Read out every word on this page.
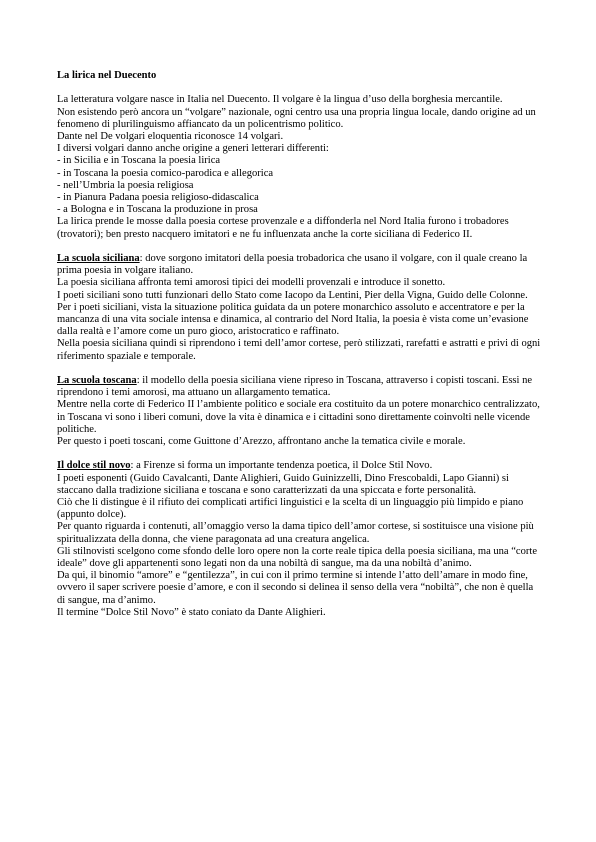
La lirica nel Duecento

La letteratura volgare nasce in Italia nel Duecento. Il volgare è la lingua d’uso della borghesia mercantile.

Non esistendo però ancora un “volgare” nazionale, ogni centro usa una propria lingua locale, dando origine ad un fenomeno di plurilinguismo affiancato da un policentrismo politico.

Dante nel De volgari eloquentia riconosce 14 volgari.

I diversi volgari danno anche origine a generi letterari differenti:

- in Sicilia e in Toscana la poesia lirica

- in Toscana la poesia comico-parodica e allegorica

- nell’Umbria la poesia religiosa

- in Pianura Padana poesia religioso-didascalica

- a Bologna e in Toscana la produzione in prosa

La lirica prende le mosse dalla poesia cortese provenzale e a diffonderla nel Nord Italia furono i trobadores (trovatori); ben presto nacquero imitatori e ne fu influenzata anche la corte siciliana di Federico II.

La scuola siciliana: dove sorgono imitatori della poesia trobadorica che usano il volgare, con il quale creano la prima poesia in volgare italiano.

La poesia siciliana affronta temi amorosi tipici dei modelli provenzali e introduce il sonetto.

I poeti siciliani sono tutti funzionari dello Stato come Iacopo da Lentini, Pier della Vigna, Guido delle Colonne.

Per i poeti siciliani, vista la situazione politica guidata da un potere monarchico assoluto e accentratore e per la mancanza di una vita sociale intensa e dinamica, al contrario del Nord Italia, la poesia è vista come un’evasione dalla realtà e l’amore come un puro gioco, aristocratico e raffinato.

Nella poesia siciliana quindi si riprendono i temi dell’amor cortese, però stilizzati, rarefatti e astratti e privi di ogni riferimento spaziale e temporale.

La scuola toscana: il modello della poesia siciliana viene ripreso in Toscana, attraverso i copisti toscani. Essi ne riprendono i temi amorosi, ma attuano un allargamento tematica.

Mentre nella corte di Federico II l’ambiente politico e sociale era costituito da un potere monarchico centralizzato, in Toscana vi sono i liberi comuni, dove la vita è dinamica e i cittadini sono direttamente coinvolti nelle vicende politiche.

Per questo i poeti toscani, come Guittone d’Arezzo, affrontano anche la tematica civile e morale.

Il dolce stil novo: a Firenze si forma un importante tendenza poetica, il Dolce Stil Novo.

I poeti esponenti (Guido Cavalcanti, Dante Alighieri, Guido Guinizzelli, Dino Frescobaldi, Lapo Gianni) si staccano dalla tradizione siciliana e toscana e sono caratterizzati da una spiccata e forte personalità.

Ciò che li distingue è il rifiuto dei complicati artifici linguistici e la scelta di un linguaggio più limpido e piano (appunto dolce).

Per quanto riguarda i contenuti, all’omaggio verso la dama tipico dell’amor cortese, si sostituisce una visione più spiritualizzata della donna, che viene paragonata ad una creatura angelica.

Gli stilnovisti scelgono come sfondo delle loro opere non la corte reale tipica della poesia siciliana, ma una “corte ideale” dove gli appartenenti sono legati non da una nobiltà di sangue, ma da una nobiltà d’animo.

Da qui, il binomio “amore” e “gentilezza”, in cui con il primo termine si intende l’atto dell’amare in modo fine, ovvero il saper scrivere poesie d’amore, e con il secondo si delinea il senso della vera “nobiltà”, che non è quella di sangue, ma d’animo.

Il termine “Dolce Stil Novo” è stato coniato da Dante Alighieri.
